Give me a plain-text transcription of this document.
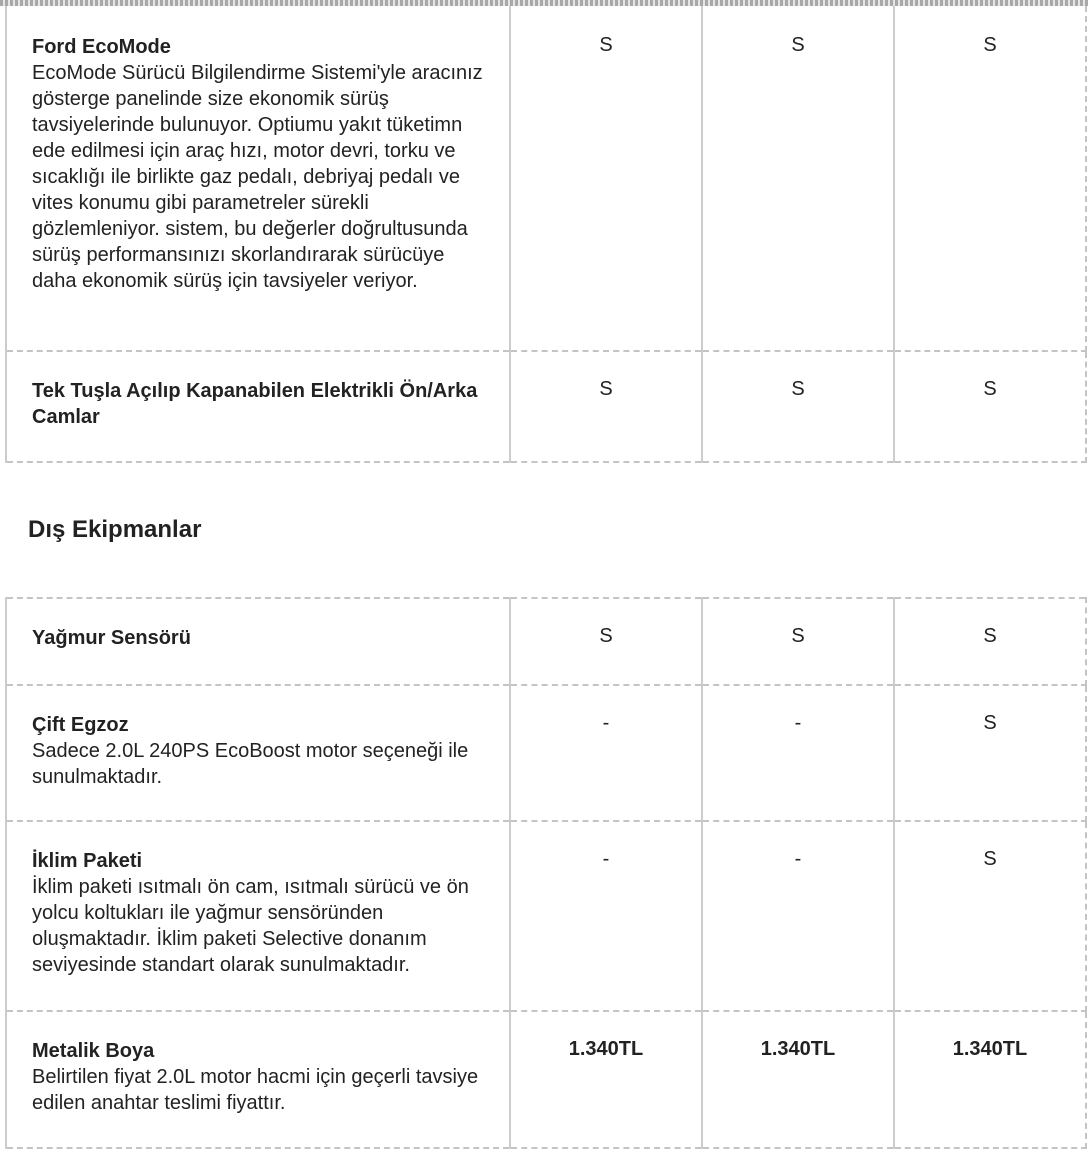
Ford EcoMode
EcoMode Sürücü Bilgilendirme Sistemi'yle aracınız gösterge panelinde size ekonomik sürüş tavsiyelerinde bulunuyor. Optiumu yakıt tüketimn ede edilmesi için araç hızı, motor devri, torku ve sıcaklığı ile birlikte gaz pedalı, debriyaj pedalı ve vites konumu gibi parametreler sürekli gözlemleniyor. sistem, bu değerler doğrultusunda sürüş performansınızı skorlandırarak sürücüye daha ekonomik sürüş için tavsiyeler veriyor.	S	S	S

Tek Tuşla Açılıp Kapanabilen Elektrikli Ön/Arka Camlar	S	S	S
Dış Ekipmanlar
Yağmur Sensörü	S	S	S

Çift Egzoz
Sadece 2.0L 240PS EcoBoost motor seçeneği ile sunulmaktadır.	-	-	S

İklim Paketi
İklim paketi ısıtmalı ön cam, ısıtmalı sürücü ve ön yolcu koltukları ile yağmur sensöründen oluşmaktadır. İklim paketi Selective donanım seviyesinde standart olarak sunulmaktadır.	-	-	S

Metalik Boya
Belirtilen fiyat 2.0L motor hacmi için geçerli tavsiye edilen anahtar teslimi fiyattır.	1.340TL	1.340TL	1.340TL
